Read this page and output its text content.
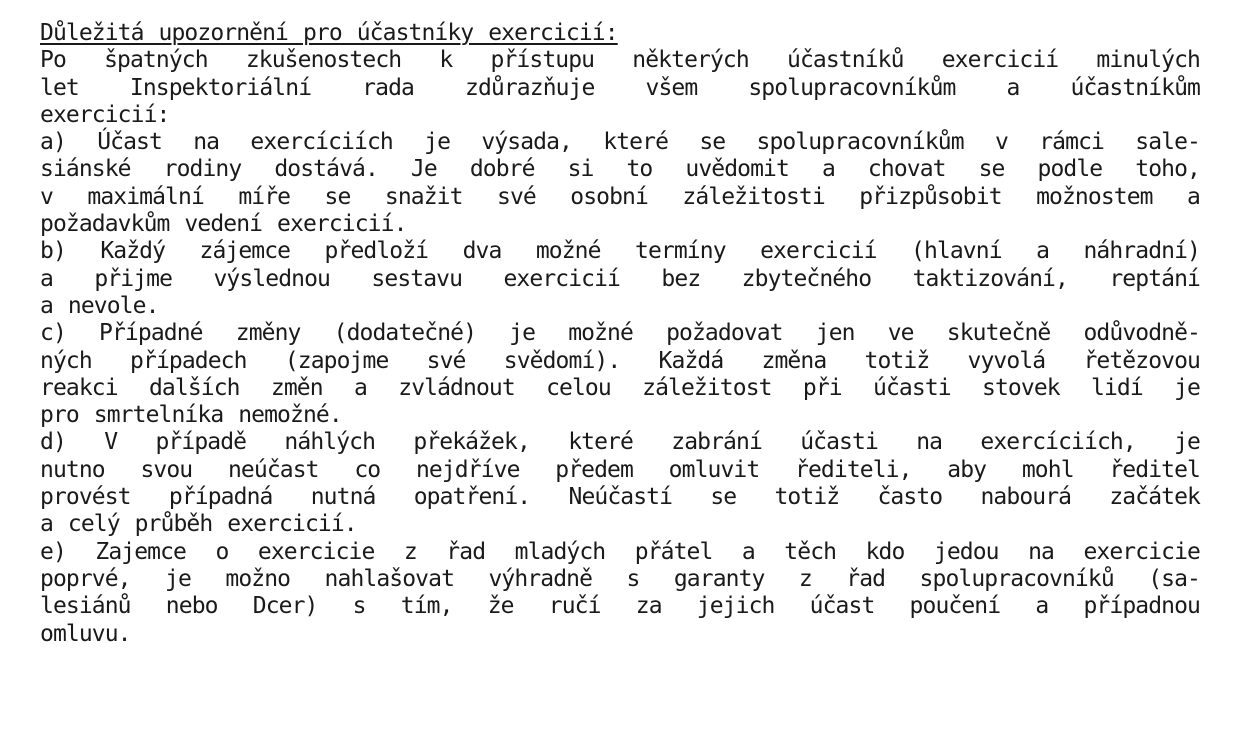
Důležitá upozornění pro účastníky exercicií:
Po špatných zkušenostech k přístupu některých účastníků exercicií minulých
let Inspektoriální rada zdůrazňuje všem spolupracovníkům a účastníkům
exercicií:
a) Účast na exercíciích je výsada, které se spolupracovníkům v rámci sale-
siánské rodiny dostává. Je dobré si to uvědomit a chovat se podle toho,
v maximální míře se snažit své osobní záležitosti přizpůsobit možnostem a
požadavkům vedení exercicií.
b) Každý zájemce předloží dva možné termíny exercicií (hlavní a náhradní)
a přijme výslednou sestavu exercicií bez zbytečného taktizování, reptání
a nevole.
c) Případné změny (dodatečné) je možné požadovat jen ve skutečně odůvodně-
ných případech (zapojme své svědomí). Každá změna totiž vyvolá řetězovou
reakci dalších změn a zvládnout celou záležitost při účasti stovek lidí je
pro smrtelníka nemožné.
d) V případě náhlých překážek, které zabrání účasti na exercíciích, je
nutno svou neúčast co nejdříve předem omluvit řediteli, aby mohl ředitel
provést případná nutná opatření. Neúčastí se totiž často nabourá začátek
a celý průběh exercicií.
e) Zajemce o exercicie z řad mladých přátel a těch kdo jedou na exercicie
poprvé, je možno nahlašovat výhradně s garanty z řad spolupracovníků (sa-
lesiánů nebo Dcer) s tím, že ručí za jejich účast poučení a případnou
omluvu.
